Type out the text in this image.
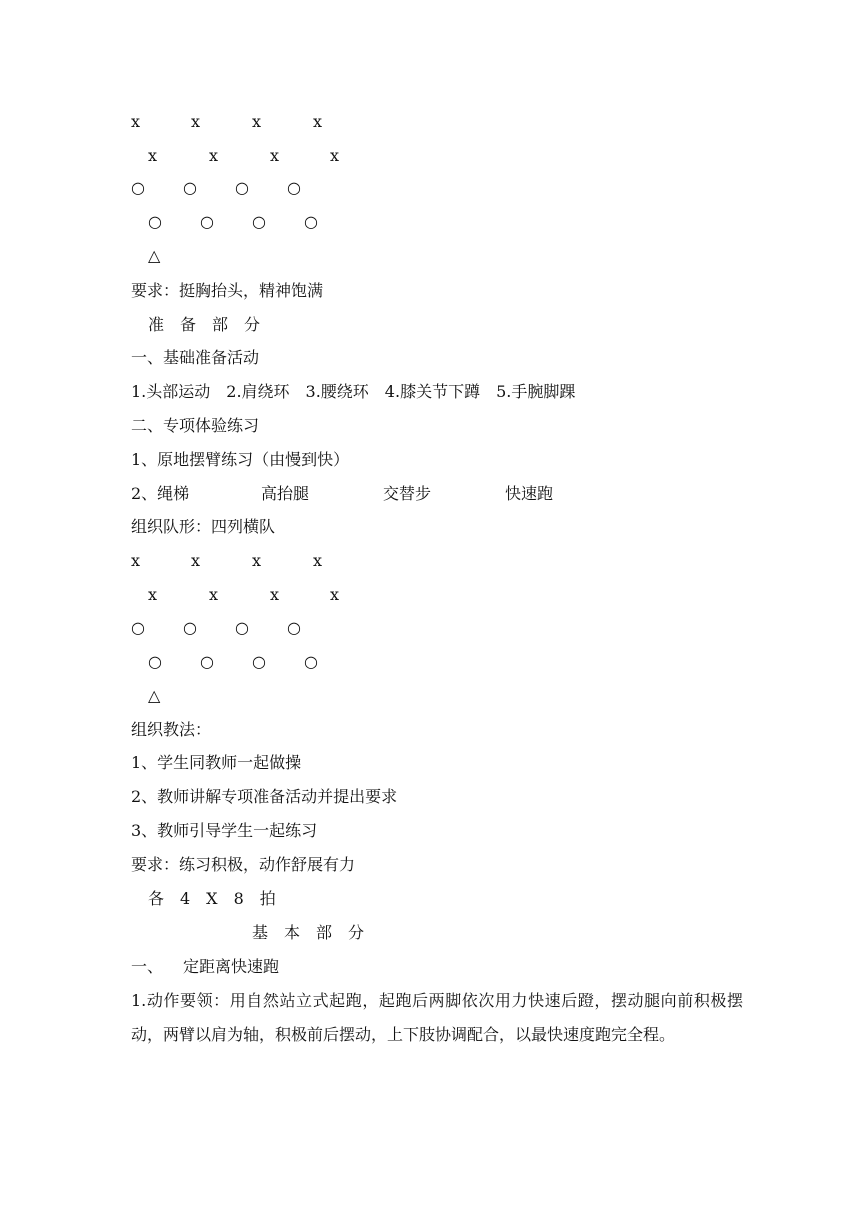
x	x	x	x
x	x	x	x
○ ○ ○ ○
○ ○ ○ ○
△
要求：挺胸抬头，精神饱满
准　备　部　分
一、基础准备活动
1.头部运动　2.肩绕环　3.腰绕环　4.膝关节下蹲　5.手腕脚踝
二、专项体验练习
1、原地摆臂练习（由慢到快）
2、绳梯	高抬腿	交替步	快速跑
组织队形：四列横队
x	x	x	x
x	x	x	x
○ ○ ○ ○
○ ○ ○ ○
△
组织教法：
1、学生同教师一起做操
2、教师讲解专项准备活动并提出要求
3、教师引导学生一起练习
要求：练习积极，动作舒展有力
各　4　X　8　拍
基　本　部　分
一、 定距离快速跑
1.动作要领：用自然站立式起跑，起跑后两脚依次用力快速后蹬，摆动腿向前积极摆动，两臂以肩为轴，积极前后摆动，上下肢协调配合，以最快速度跑完全程。
